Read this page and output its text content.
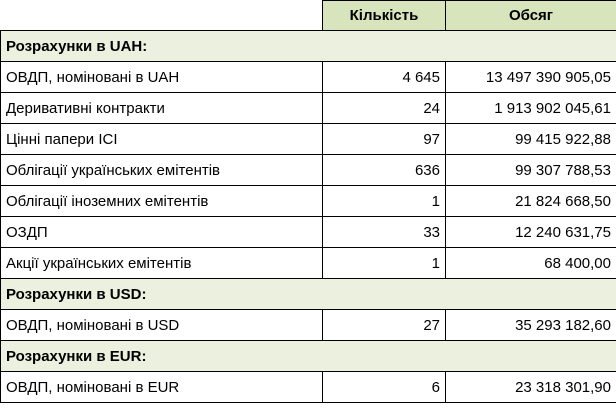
	Кількість	Обсяг
Розрахунки в UAH:		
ОВДП, номіновані в UAH	4 645	13 497 390 905,05
Деривативні контракти	24	1 913 902 045,61
Цінні папери ІСІ	97	99 415 922,88
Облігації українських емітентів	636	99 307 788,53
Облігації іноземних емітентів	1	21 824 668,50
ОЗДП	33	12 240 631,75
Акції українських емітентів	1	68 400,00
Розрахунки в USD:		
ОВДП, номіновані в USD	27	35 293 182,60
Розрахунки в EUR:		
ОВДП, номіновані в EUR	6	23 318 301,90
